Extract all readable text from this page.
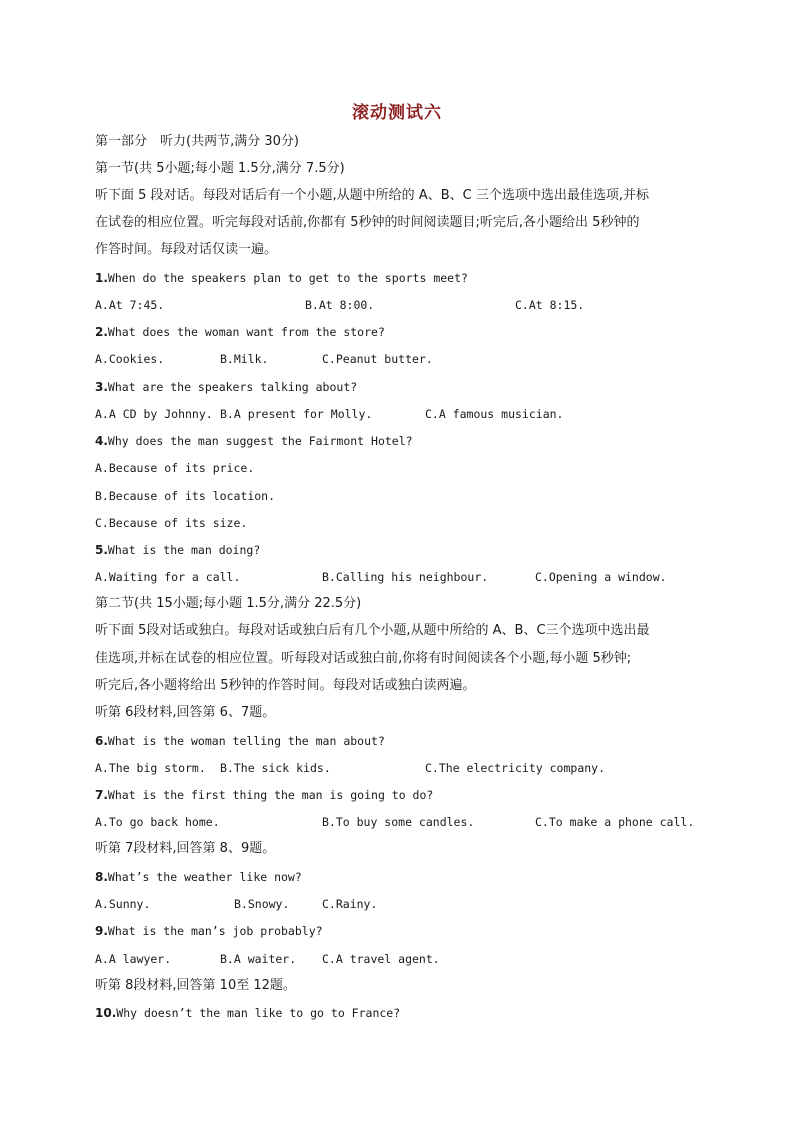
滚动测试六
第一部分　听力(共两节,满分 30分)
第一节(共 5小题;每小题 1.5分,满分 7.5分)
听下面 5 段对话。每段对话后有一个小题,从题中所给的 A、B、C 三个选项中选出最佳选项,并标
在试卷的相应位置。听完每段对话前,你都有 5秒钟的时间阅读题目;听完后,各小题给出 5秒钟的
作答时间。每段对话仅读一遍。
1.When do the speakers plan to get to the sports meet?
A.At 7:45.	B.At 8:00.	C.At 8:15.
2.What does the woman want from the store?
A.Cookies.	B.Milk.	C.Peanut butter.
3.What are the speakers talking about?
A.A CD by Johnny. B.A present for Molly.	C.A famous musician.
4.Why does the man suggest the Fairmont Hotel?
A.Because of its price.
B.Because of its location.
C.Because of its size.
5.What is the man doing?
A.Waiting for a call.	B.Calling his neighbour.	C.Opening a window.
第二节(共 15小题;每小题 1.5分,满分 22.5分)
听下面 5段对话或独白。每段对话或独白后有几个小题,从题中所给的 A、B、C三个选项中选出最
佳选项,并标在试卷的相应位置。听每段对话或独白前,你将有时间阅读各个小题,每小题 5秒钟;
听完后,各小题将给出 5秒钟的作答时间。每段对话或独白读两遍。
听第 6段材料,回答第 6、7题。
6.What is the woman telling the man about?
A.The big storm. B.The sick kids.	C.The electricity company.
7.What is the first thing the man is going to do?
A.To go back home.	B.To buy some candles.	C.To make a phone call.
听第 7段材料,回答第 8、9题。
8.What’s the weather like now?
A.Sunny.	B.Snowy.	C.Rainy.
9.What is the man’s job probably?
A.A lawyer.	B.A waiter. C.A travel agent.
听第 8段材料,回答第 10至 12题。
10.Why doesn’t the man like to go to France?
